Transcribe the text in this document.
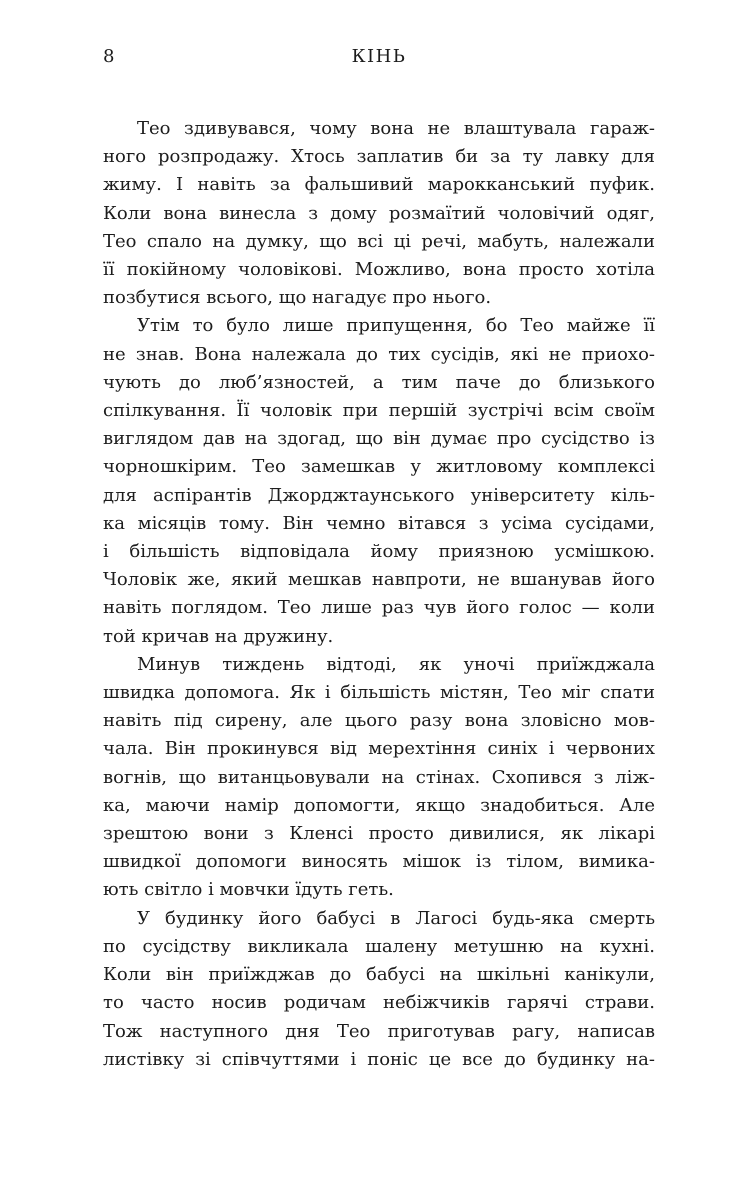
8	КІНЬ
Тео здивувався, чому вона не влаштувала гараж-
ного розпродажу. Хтось заплатив би за ту лавку для
жиму. І навіть за фальшивий марокканський пуфик.
Коли вона винесла з дому розмаїтий чоловічий одяг,
Тео спало на думку, що всі ці речі, мабуть, належали
її покійному чоловікові. Можливо, вона просто хотіла
позбутися всього, що нагадує про нього.
Утім то було лише припущення, бо Тео майже її
не знав. Вона належала до тих сусідів, які не приохо-
чують до люб’язностей, а тим паче до близького
спілкування. Її чоловік при першій зустрічі всім своїм
виглядом дав на здогад, що він думає про сусідство із
чорношкірим. Тео замешкав у житловому комплексі
для аспірантів Джорджтаунського університету кіль-
ка місяців тому. Він чемно вітався з усіма сусідами,
і більшість відповідала йому приязною усмішкою.
Чоловік же, який мешкав навпроти, не вшанував його
навіть поглядом. Тео лише раз чув його голос — коли
той кричав на дружину.
Минув тиждень відтоді, як уночі приїжджала
швидка допомога. Як і більшість містян, Тео міг спати
навіть під сирену, але цього разу вона зловісно мов-
чала. Він прокинувся від мерехтіння синіх і червоних
вогнів, що витанцьовували на стінах. Схопився з ліж-
ка, маючи намір допомогти, якщо знадобиться. Але
зрештою вони з Кленсі просто дивилися, як лікарі
швидкої допомоги виносять мішок із тілом, вимика-
ють світло і мовчки їдуть геть.
У будинку його бабусі в Лагосі будь-яка смерть
по сусідству викликала шалену метушню на кухні.
Коли він приїжджав до бабусі на шкільні канікули,
то часто носив родичам небіжчиків гарячі страви.
Тож наступного дня Тео приготував рагу, написав
листівку зі співчуттями і поніс це все до будинку на-
